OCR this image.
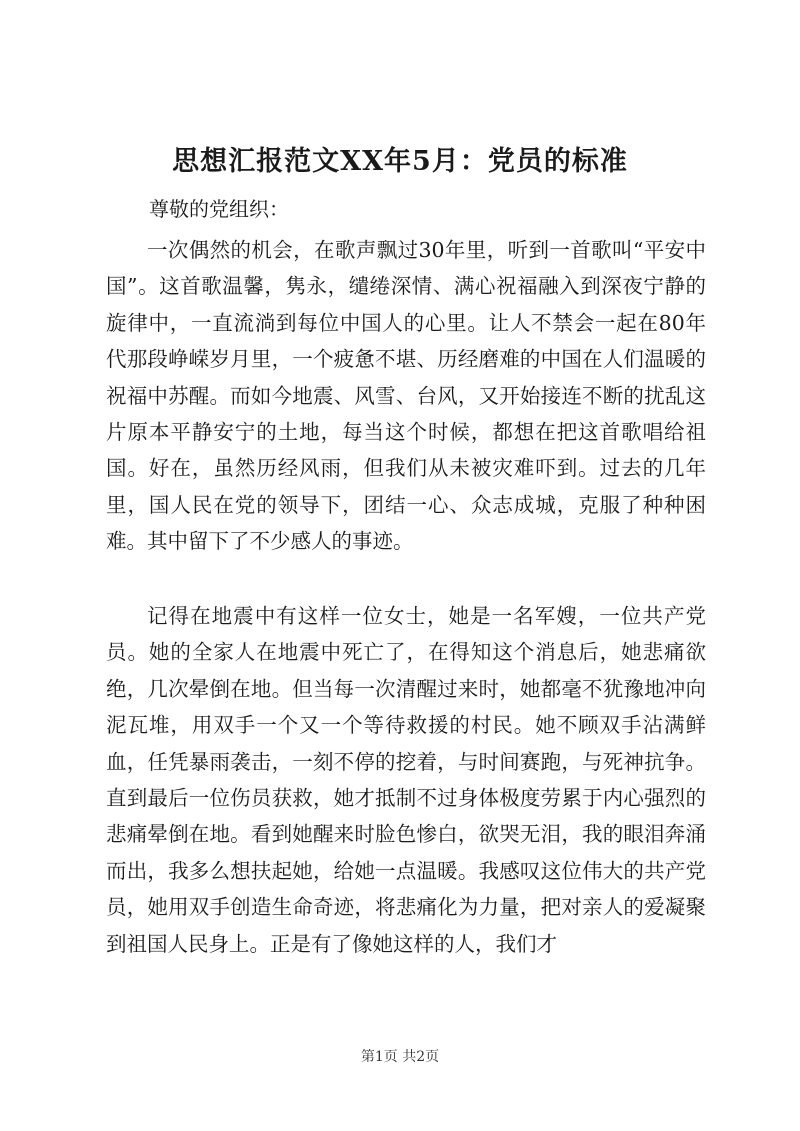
思想汇报范文XX年5月：党员的标准

尊敬的党组织：

一次偶然的机会，在歌声飘过30年里，听到一首歌叫“平安中国”。这首歌温馨，隽永，缱绻深情、满心祝福融入到深夜宁静的旋律中，一直流淌到每位中国人的心里。让人不禁会一起在80年代那段峥嵘岁月里，一个疲惫不堪、历经磨难的中国在人们温暖的祝福中苏醒。而如今地震、风雪、台风，又开始接连不断的扰乱这片原本平静安宁的土地，每当这个时候，都想在把这首歌唱给祖国。好在，虽然历经风雨，但我们从未被灾难吓到。过去的几年里，国人民在党的领导下，团结一心、众志成城，克服了种种困难。其中留下了不少感人的事迹。

记得在地震中有这样一位女士，她是一名军嫂，一位共产党员。她的全家人在地震中死亡了，在得知这个消息后，她悲痛欲绝，几次晕倒在地。但当每一次清醒过来时，她都毫不犹豫地冲向泥瓦堆，用双手一个又一个等待救援的村民。她不顾双手沾满鲜血，任凭暴雨袭击，一刻不停的挖着，与时间赛跑，与死神抗争。直到最后一位伤员获救，她才抵制不过身体极度劳累于内心强烈的悲痛晕倒在地。看到她醒来时脸色惨白，欲哭无泪，我的眼泪奔涌而出，我多么想扶起她，给她一点温暖。我感叹这位伟大的共产党员，她用双手创造生命奇迹，将悲痛化为力量，把对亲人的爱凝聚到祖国人民身上。正是有了像她这样的人，我们才

第1页 共2页
